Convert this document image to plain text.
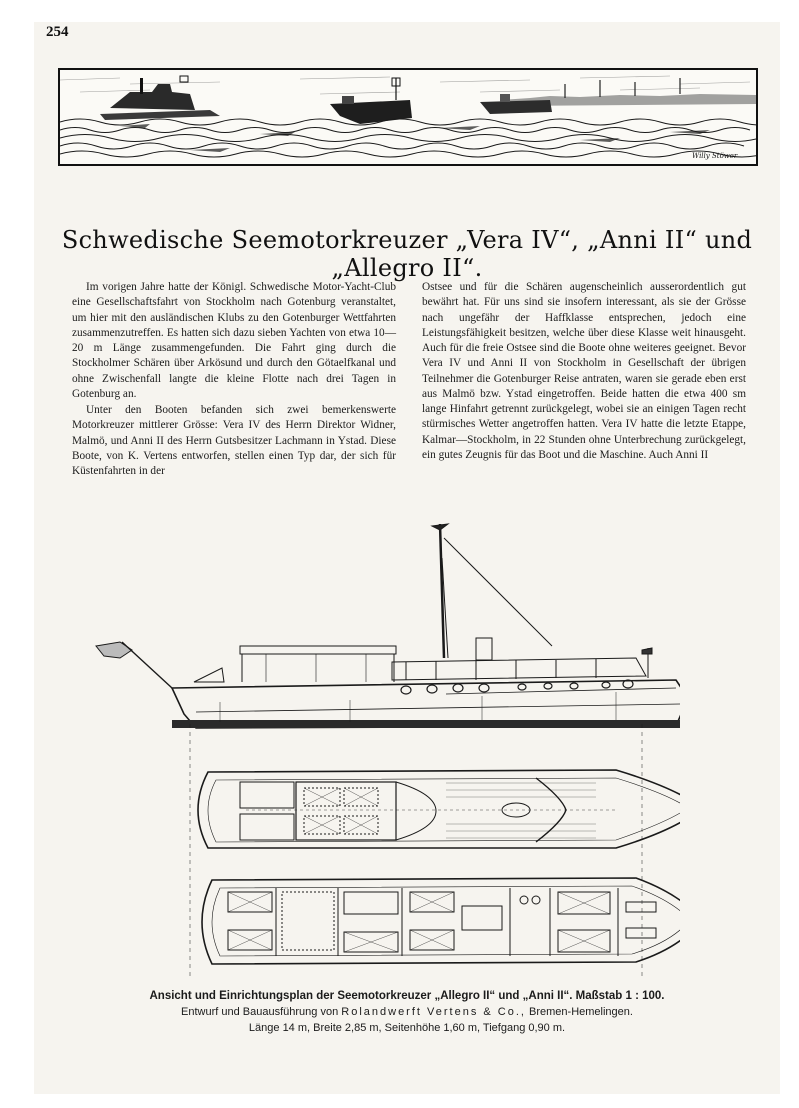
254
Willy Stöwer
Schwedische Seemotorkreuzer „Vera IV“, „Anni II“ und „Allegro II“.

Im vorigen Jahre hatte der Königl. Schwedische Motor-Yacht-Club eine Gesellschaftsfahrt von Stockholm nach Gotenburg veranstaltet, um hier mit den ausländischen Klubs zu den Gotenburger Wettfahrten zusammenzutreffen. Es hatten sich dazu sieben Yachten von etwa 10—20 m Länge zusammengefunden. Die Fahrt ging durch die Stockholmer Schären über Arkösund und durch den Götaelfkanal und ohne Zwischenfall langte die kleine Flotte nach drei Tagen in Gotenburg an.

Unter den Booten befanden sich zwei bemerkenswerte Motorkreuzer mittlerer Grösse: Vera IV des Herrn Direktor Widner, Malmö, und Anni II des Herrn Gutsbesitzer Lachmann in Ystad. Diese Boote, von K. Vertens entworfen, stellen einen Typ dar, der sich für Küstenfahrten in der

Ostsee und für die Schären augenscheinlich ausserordentlich gut bewährt hat. Für uns sind sie insofern interessant, als sie der Grösse nach ungefähr der Haffklasse entsprechen, jedoch eine Leistungsfähigkeit besitzen, welche über diese Klasse weit hinausgeht. Auch für die freie Ostsee sind die Boote ohne weiteres geeignet. Bevor Vera IV und Anni II von Stockholm in Gesellschaft der übrigen Teilnehmer die Gotenburger Reise antraten, waren sie gerade eben erst aus Malmö bzw. Ystad eingetroffen. Beide hatten die etwa 400 sm lange Hinfahrt getrennt zurückgelegt, wobei sie an einigen Tagen recht stürmisches Wetter angetroffen hatten. Vera IV hatte die letzte Etappe, Kalmar—Stockholm, in 22 Stunden ohne Unterbrechung zurückgelegt, ein gutes Zeugnis für das Boot und die Maschine. Auch Anni II

Ansicht und Einrichtungsplan der Seemotorkreuzer „Allegro II“ und „Anni II“. Maßstab 1 : 100.
Entwurf und Bauausführung von Rolandwerft Vertens & Co., Bremen-Hemelingen.
Länge 14 m, Breite 2,85 m, Seitenhöhe 1,60 m, Tiefgang 0,90 m.
